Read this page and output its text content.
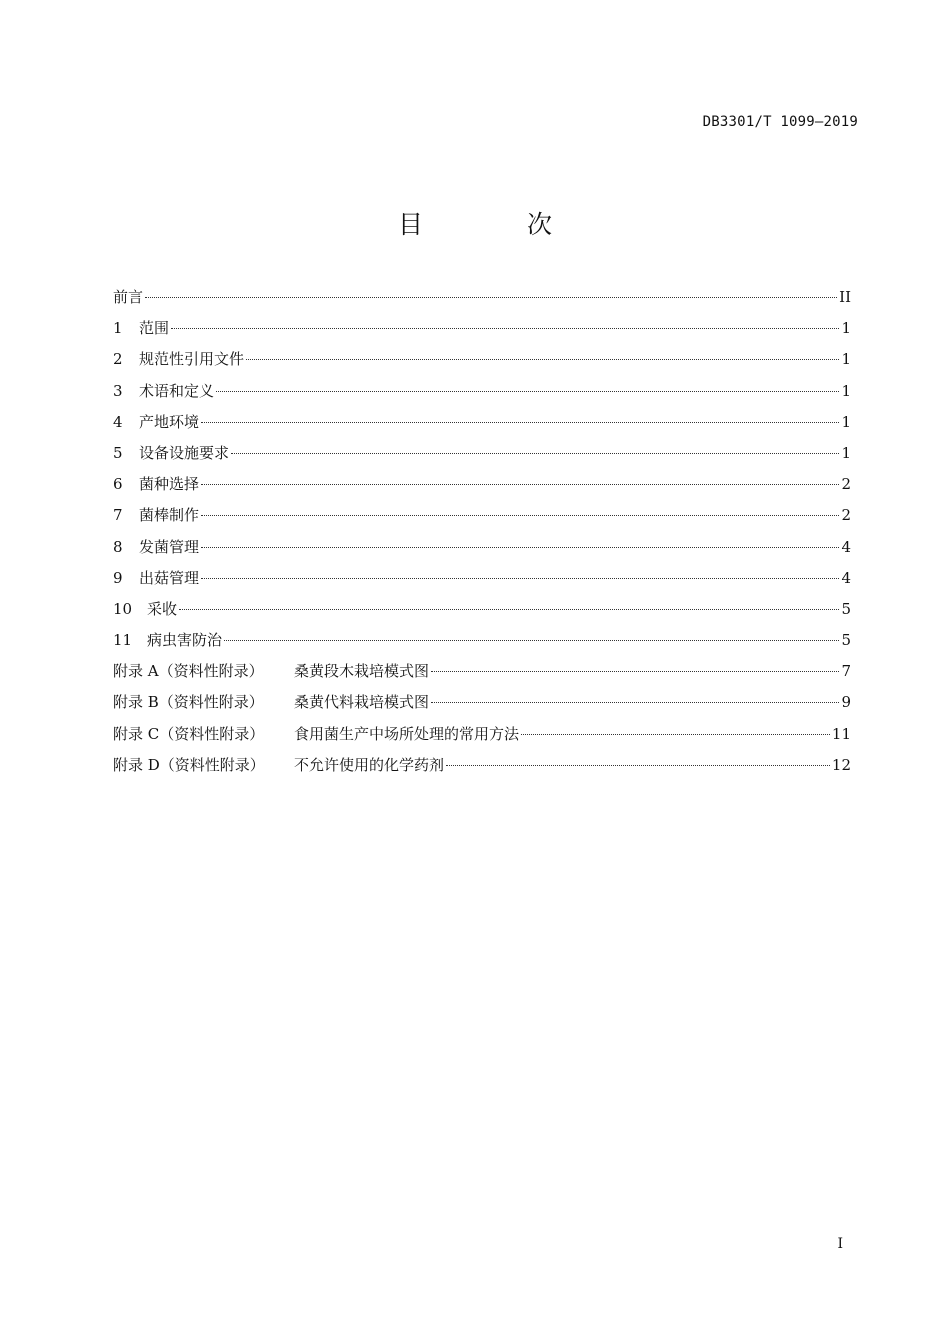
DB3301/T 1099—2019
目 次
前言	II
1	范围	1
2	规范性引用文件	1
3	术语和定义	1
4	产地环境	1
5	设备设施要求	1
6	菌种选择	2
7	菌棒制作	2
8	发菌管理	4
9	出菇管理	4
10 采收	5
11 病虫害防治	5
附录 A（资料性附录）	桑黄段木栽培模式图	7
附录 B（资料性附录）	桑黄代料栽培模式图	9
附录 C（资料性附录）	食用菌生产中场所处理的常用方法	11
附录 D（资料性附录）	不允许使用的化学药剂	12
I
